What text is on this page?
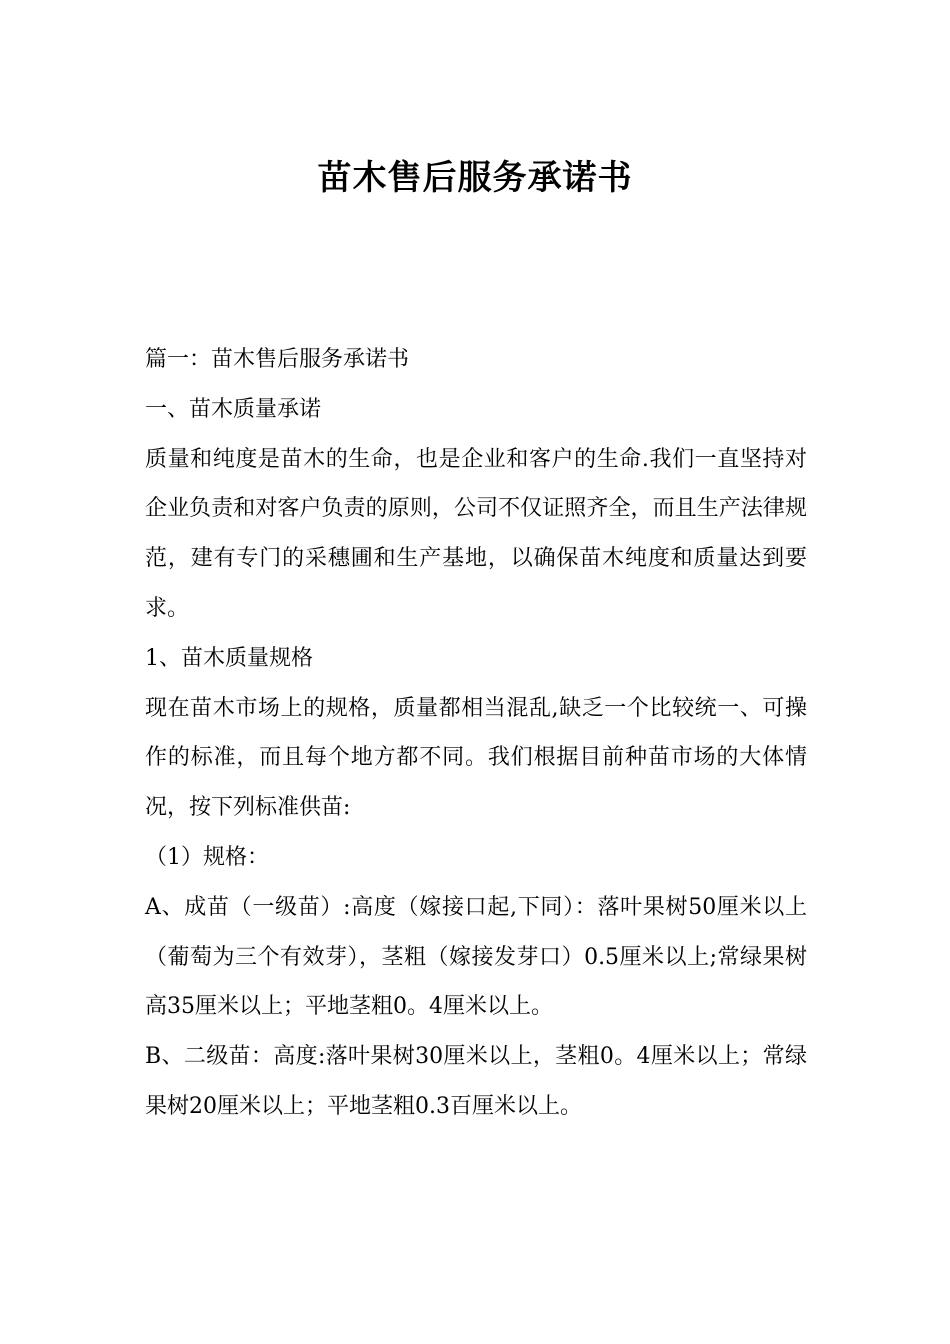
苗木售后服务承诺书

篇一：苗木售后服务承诺书

一、苗木质量承诺

质量和纯度是苗木的生命，也是企业和客户的生命.我们一直坚持对企业负责和对客户负责的原则，公司不仅证照齐全，而且生产法律规范，建有专门的采穗圃和生产基地，以确保苗木纯度和质量达到要求。

1、苗木质量规格

现在苗木市场上的规格，质量都相当混乱,缺乏一个比较统一、可操作的标准，而且每个地方都不同。我们根据目前种苗市场的大体情况，按下列标准供苗:

（1）规格：

A、成苗（一级苗）:高度（嫁接口起,下同）：落叶果树50厘米以上（葡萄为三个有效芽），茎粗（嫁接发芽口）0.5厘米以上;常绿果树高35厘米以上；平地茎粗0。4厘米以上。

B、二级苗：高度:落叶果树30厘米以上，茎粗0。4厘米以上；常绿果树20厘米以上；平地茎粗0.3百厘米以上。
